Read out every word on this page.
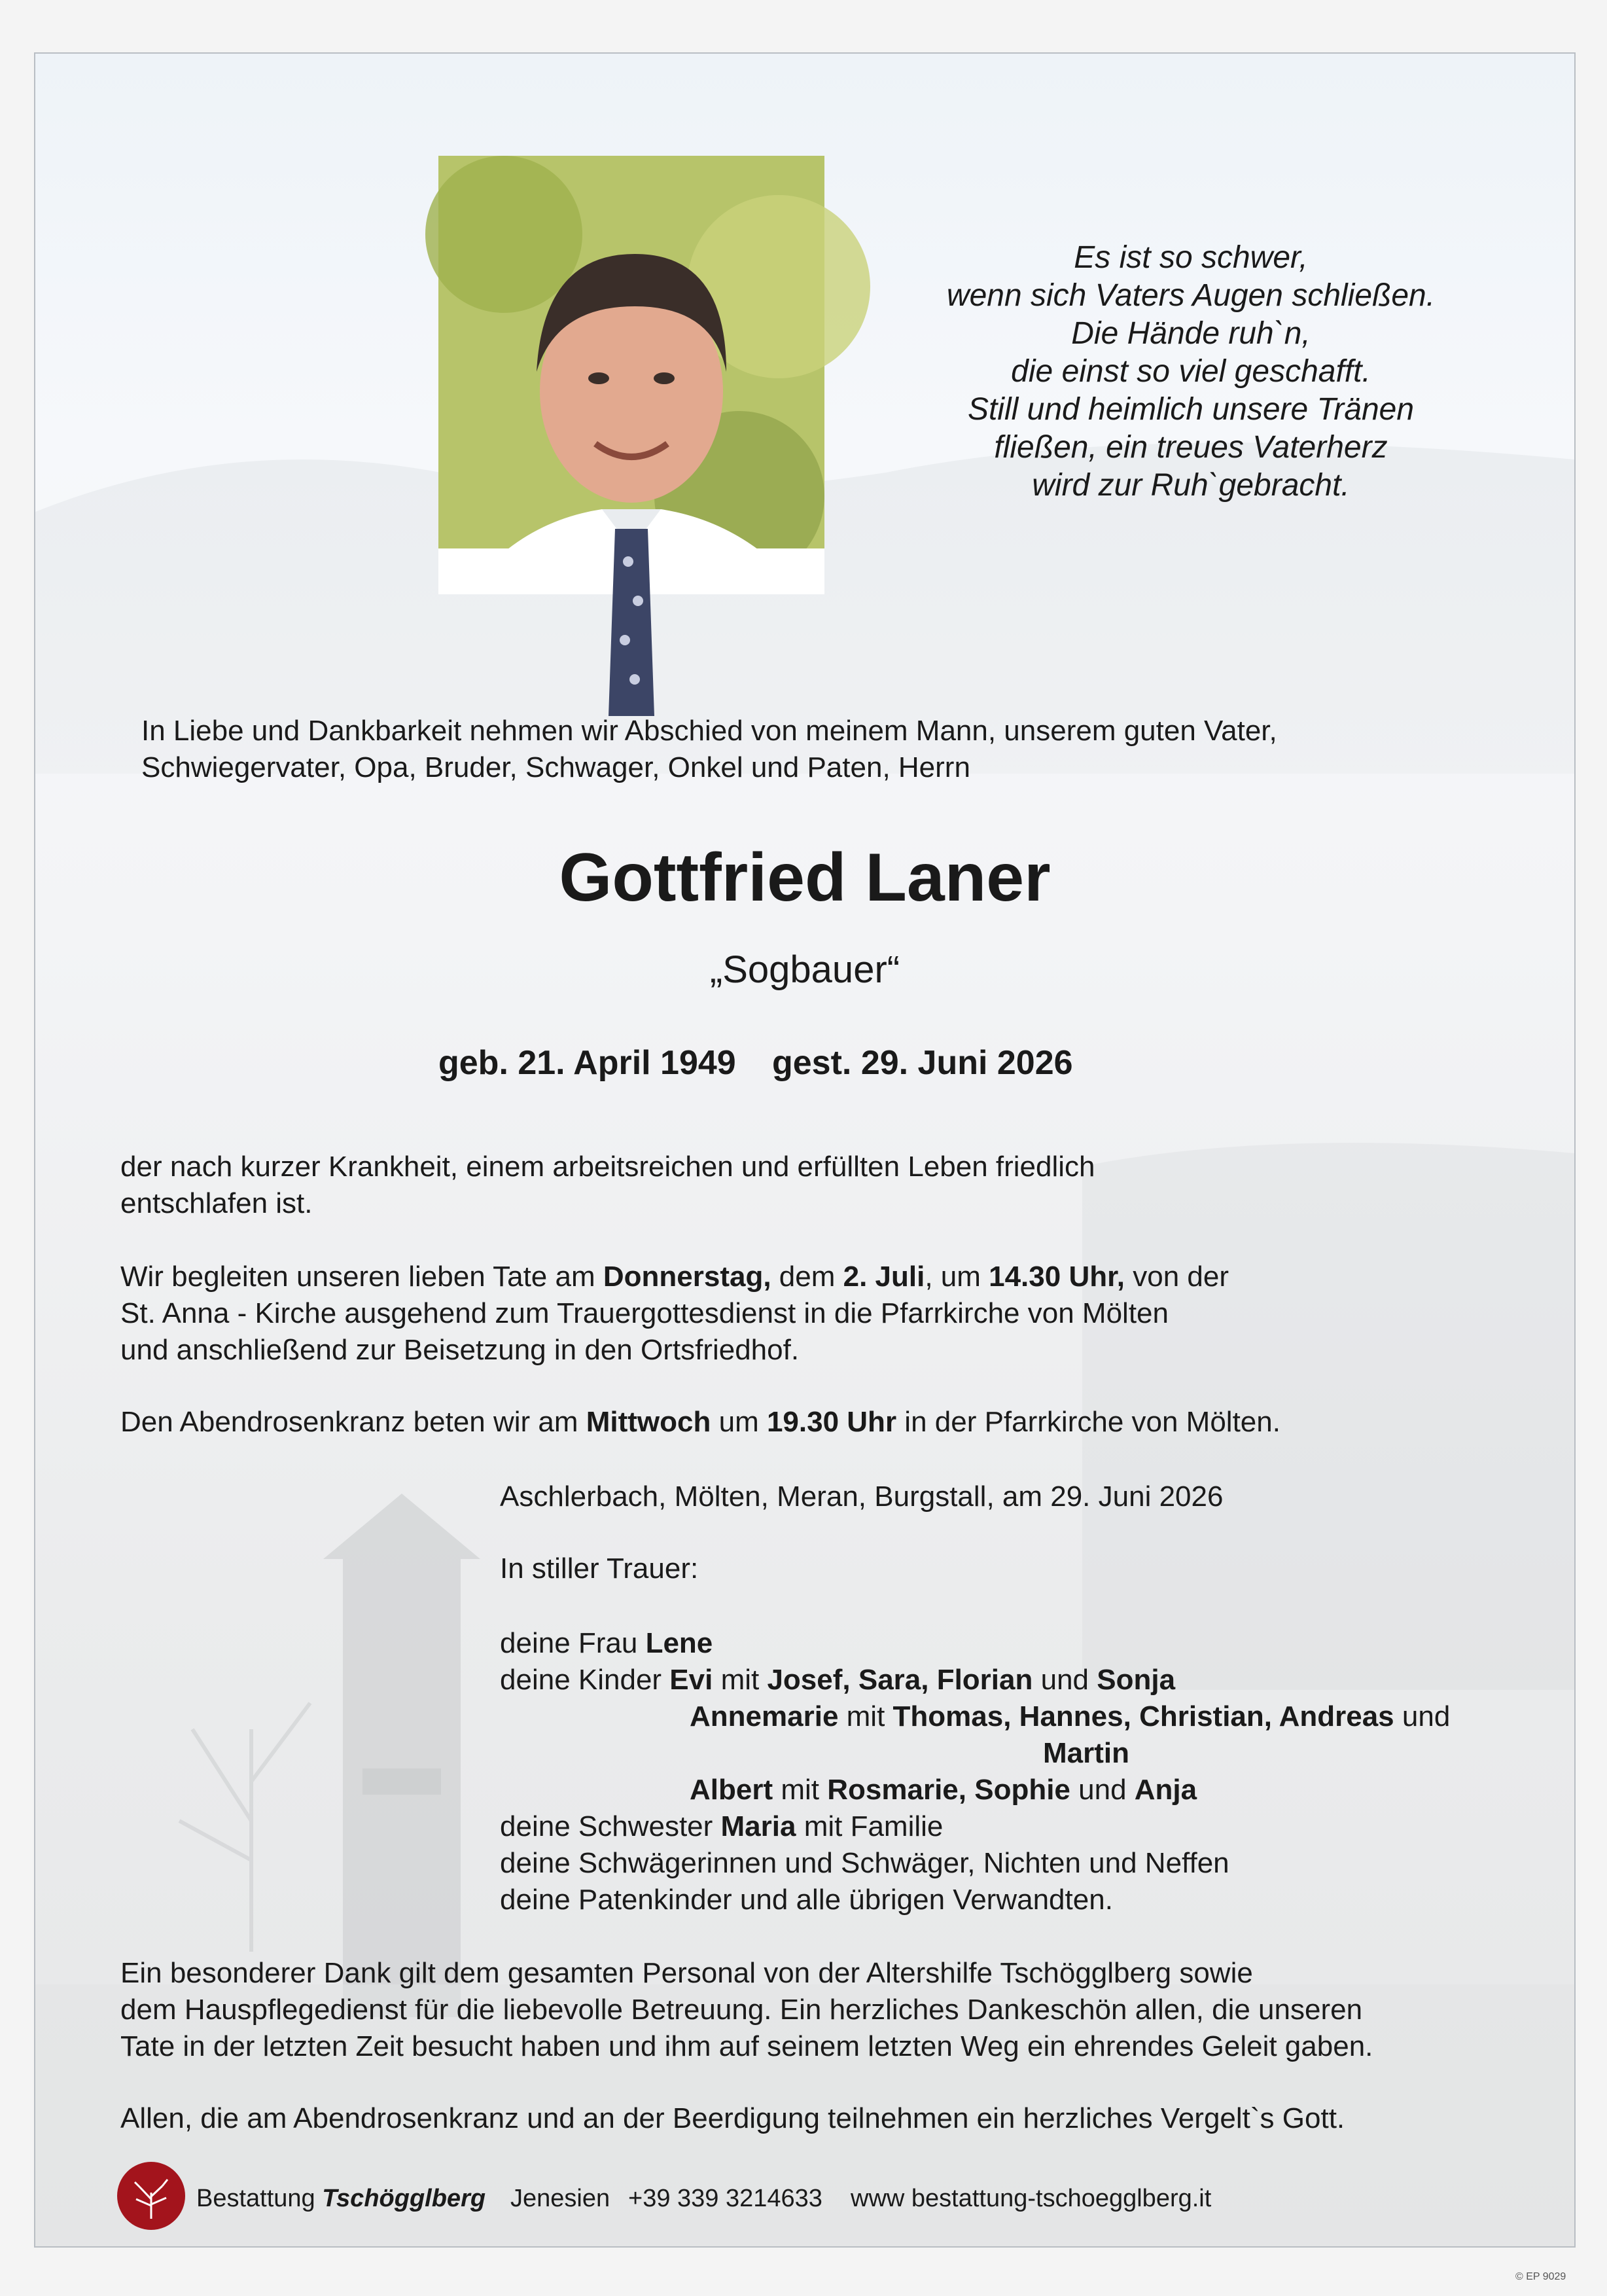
Es ist so schwer,
wenn sich Vaters Augen schließen.
Die Hände ruh`n,
die einst so viel geschafft.
Still und heimlich unsere Tränen
fließen, ein treues Vaterherz
wird zur Ruh`gebracht.
In Liebe und Dankbarkeit nehmen wir Abschied von meinem Mann, unserem guten Vater,
Schwiegervater, Opa, Bruder, Schwager, Onkel und Paten, Herrn
Gottfried Laner
„Sogbauer“
geb. 21. April 1949 gest. 29. Juni 2026
der nach kurzer Krankheit, einem arbeitsreichen und erfüllten Leben friedlich
entschlafen ist.
Wir begleiten unseren lieben Tate am Donnerstag, dem 2. Juli, um 14.30 Uhr, von der
St. Anna - Kirche ausgehend zum Trauergottesdienst in die Pfarrkirche von Mölten
und anschließend zur Beisetzung in den Ortsfriedhof.
Den Abendrosenkranz beten wir am Mittwoch um 19.30 Uhr in der Pfarrkirche von Mölten.
Aschlerbach, Mölten, Meran, Burgstall, am 29. Juni 2026
In stiller Trauer:
deine Frau Lene
deine Kinder Evi mit Josef, Sara, Florian und Sonja
Annemarie mit Thomas, Hannes, Christian, Andreas und
Martin
Albert mit Rosmarie, Sophie und Anja
deine Schwester Maria mit Familie
deine Schwägerinnen und Schwäger, Nichten und Neffen
deine Patenkinder und alle übrigen Verwandten.
Ein besonderer Dank gilt dem gesamten Personal von der Altershilfe Tschögglberg sowie
dem Hauspflegedienst für die liebevolle Betreuung. Ein herzliches Dankeschön allen, die unseren
Tate in der letzten Zeit besucht haben und ihm auf seinem letzten Weg ein ehrendes Geleit gaben.
Allen, die am Abendrosenkranz und an der Beerdigung teilnehmen ein herzliches Vergelt`s Gott.
Bestattung Tschögglberg Jenesien +39 339 3214633 www bestattung-tschoegglberg.it
© EP 9029
